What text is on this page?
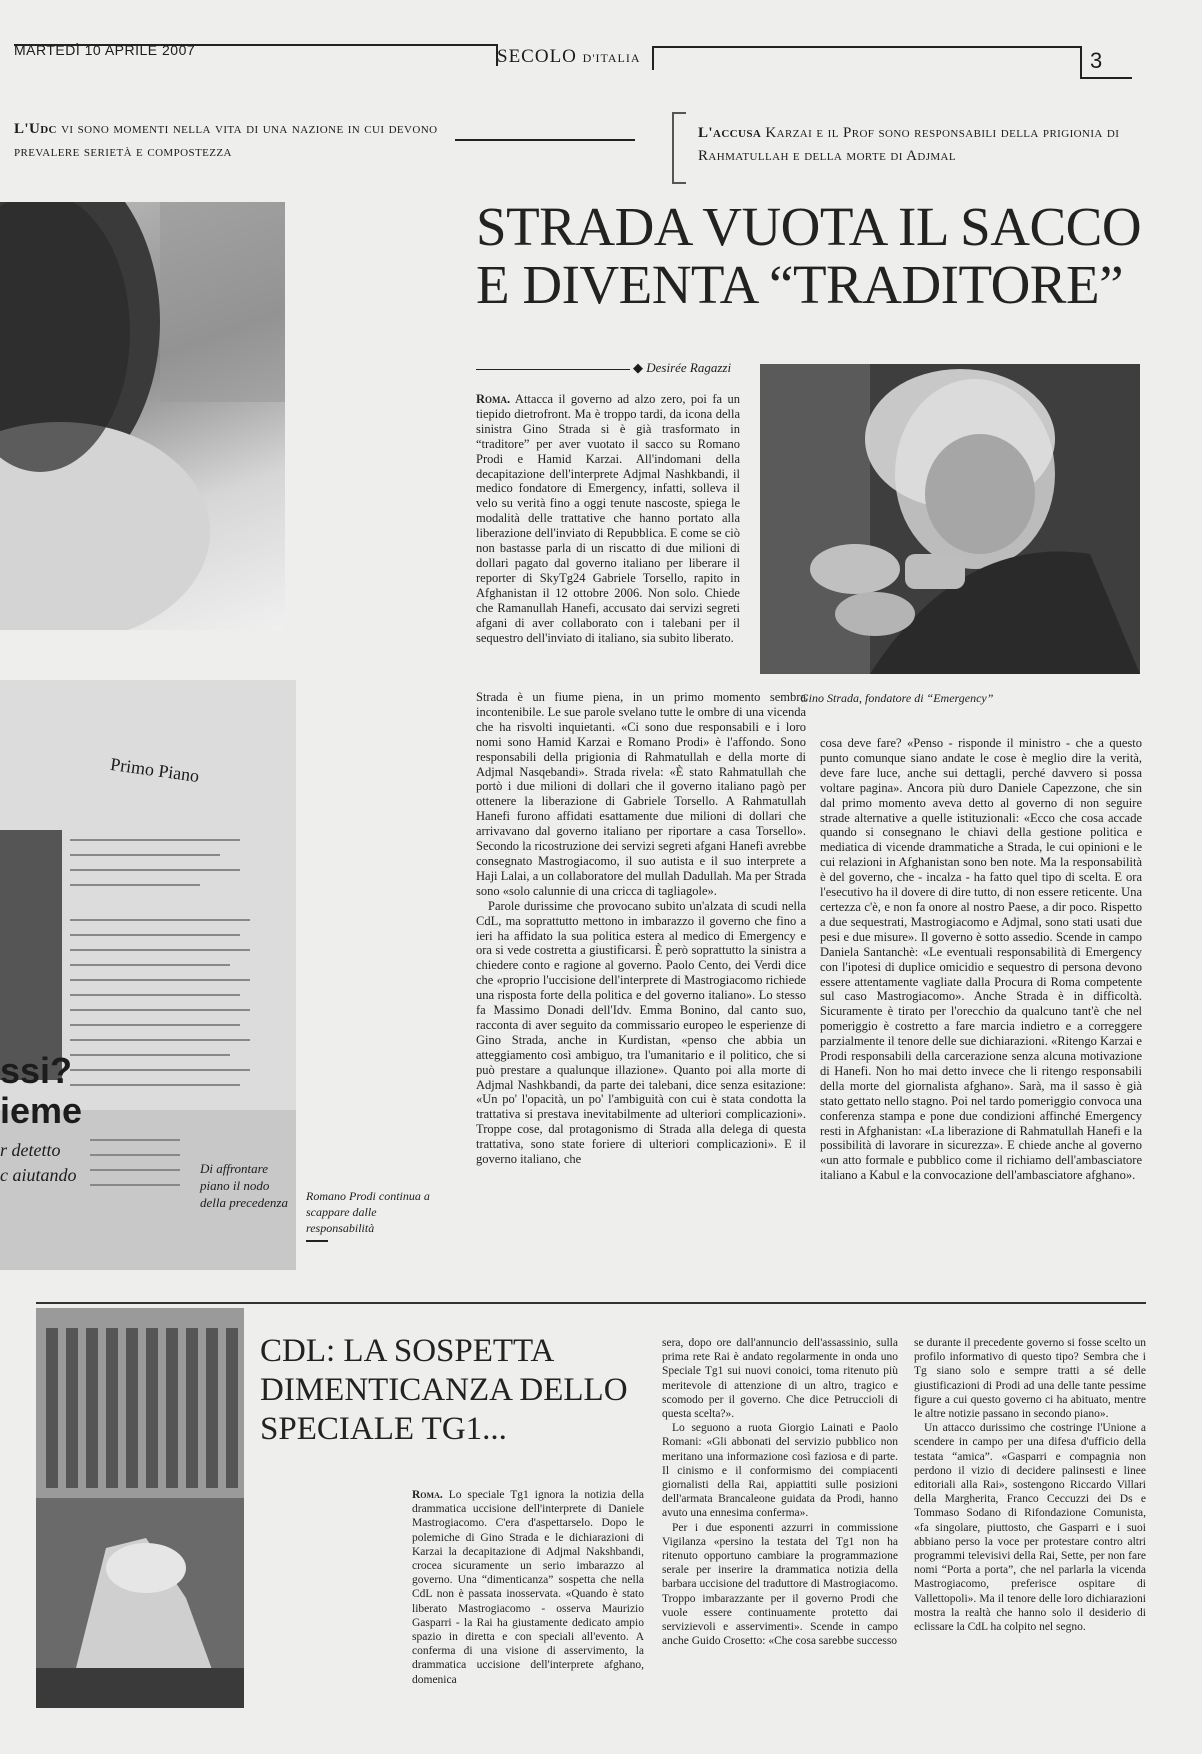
MARTEDÌ 10 APRILE 2007	SECOLO D'ITALIA	3
L'Udc vi sono momenti nella vita di una nazione in cui devono prevalere serietà e compostezza
L'accusa Karzai e il Prof sono responsabili della prigionia di Rahmatullah e della morte di Adjmal
Primo Piano
ssi?
ieme
r detetto
c aiutando	Di affrontare piano il nodo della precedenza Romano Prodi continua a scappare dalle responsabilità
STRADA VUOTA IL SACCO E DIVENTA “TRADITORE”
◆ Desirée Ragazzi
Gino Strada, fondatore di “Emergency”

Roma. Attacca il governo ad alzo zero, poi fa un tiepido dietrofront. Ma è troppo tardi, da icona della sinistra Gino Strada si è già trasformato in “traditore” per aver vuotato il sacco su Romano Prodi e Hamid Karzai. All'indomani della decapitazione dell'interprete Adjmal Nashkbandi, il medico fondatore di Emergency, infatti, solleva il velo su verità fino a oggi tenute nascoste, spiega le modalità delle trattative che hanno portato alla liberazione dell'inviato di Repubblica. E come se ciò non bastasse parla di un riscatto di due milioni di dollari pagato dal governo italiano per liberare il reporter di SkyTg24 Gabriele Torsello, rapito in Afghanistan il 12 ottobre 2006. Non solo. Chiede che Ramanullah Hanefi, accusato dai servizi segreti afgani di aver collaborato con i talebani per il sequestro dell'inviato di italiano, sia subito liberato.

Strada è un fiume piena, in un primo momento sembra incontenibile. Le sue parole svelano tutte le ombre di una vicenda che ha risvolti inquietanti. «Ci sono due responsabili e i loro nomi sono Hamid Karzai e Romano Prodi» è l'affondo. Sono responsabili della prigionia di Rahmatullah e della morte di Adjmal Nasqebandi». Strada rivela: «È stato Rahmatullah che portò i due milioni di dollari che il governo italiano pagò per ottenere la liberazione di Gabriele Torsello. A Rahmatullah Hanefi furono affidati esattamente due milioni di dollari che arrivavano dal governo italiano per riportare a casa Torsello». Secondo la ricostruzione dei servizi segreti afgani Hanefi avrebbe consegnato Mastrogiacomo, il suo autista e il suo interprete a Haji Lalai, a un collaboratore del mullah Dadullah. Ma per Strada sono «solo calunnie di una cricca di tagliagole».

Parole durissime che provocano subito un'alzata di scudi nella CdL, ma soprattutto mettono in imbarazzo il governo che fino a ieri ha affidato la sua politica estera al medico di Emergency e ora si vede costretta a giustificarsi. È però soprattutto la sinistra a chiedere conto e ragione al governo. Paolo Cento, dei Verdi dice che «proprio l'uccisione dell'interprete di Mastrogiacomo richiede una risposta forte della politica e del governo italiano». Lo stesso fa Massimo Donadi dell'Idv. Emma Bonino, dal canto suo, racconta di aver seguito da commissario europeo le esperienze di Gino Strada, anche in Kurdistan, «penso che abbia un atteggiamento così ambiguo, tra l'umanitario e il politico, che si può prestare a qualunque illazione». Quanto poi alla morte di Adjmal Nashkbandi, da parte dei talebani, dice senza esitazione: «Un po' l'opacità, un po' l'ambiguità con cui è stata condotta la trattativa si prestava inevitabilmente ad ulteriori complicazioni». Troppe cose, dal protagonismo di Strada alla delega di questa trattativa, sono state foriere di ulteriori complicazioni». E il governo italiano, che

cosa deve fare? «Penso - risponde il ministro - che a questo punto comunque siano andate le cose è meglio dire la verità, deve fare luce, anche sui dettagli, perché davvero si possa voltare pagina». Ancora più duro Daniele Capezzone, che sin dal primo momento aveva detto al governo di non seguire strade alternative a quelle istituzionali: «Ecco che cosa accade quando si consegnano le chiavi della gestione politica e mediatica di vicende drammatiche a Strada, le cui opinioni e le cui relazioni in Afghanistan sono ben note. Ma la responsabilità è del governo, che - incalza - ha fatto quel tipo di scelta. E ora l'esecutivo ha il dovere di dire tutto, di non essere reticente. Una certezza c'è, e non fa onore al nostro Paese, a dir poco. Rispetto a due sequestrati, Mastrogiacomo e Adjmal, sono stati usati due pesi e due misure». Il governo è sotto assedio. Scende in campo Daniela Santanchè: «Le eventuali responsabilità di Emergency con l'ipotesi di duplice omicidio e sequestro di persona devono essere attentamente vagliate dalla Procura di Roma competente sul caso Mastrogiacomo». Anche Strada è in difficoltà. Sicuramente è tirato per l'orecchio da qualcuno tant'è che nel pomeriggio è costretto a fare marcia indietro e a correggere parzialmente il tenore delle sue dichiarazioni. «Ritengo Karzai e Prodi responsabili della carcerazione senza alcuna motivazione di Hanefi. Non ho mai detto invece che li ritengo responsabili della morte del giornalista afghano». Sarà, ma il sasso è già stato gettato nello stagno. Poi nel tardo pomeriggio convoca una conferenza stampa e pone due condizioni affinché Emergency resti in Afghanistan: «La liberazione di Rahmatullah Hanefi e la possibilità di lavorare in sicurezza». E chiede anche al governo «un atto formale e pubblico come il richiamo dell'ambasciatore italiano a Kabul e la convocazione dell'ambasciatore afghano».

CDL: LA SOSPETTA DIMENTICANZA DELLO SPECIALE TG1...

Roma. Lo speciale Tg1 ignora la notizia della drammatica uccisione dell'interprete di Daniele Mastrogiacomo. C'era d'aspettarselo. Dopo le polemiche di Gino Strada e le dichiarazioni di Karzai la decapitazione di Adjmal Nakshbandi, crocea sicuramente un serio imbarazzo al governo. Una “dimenticanza” sospetta che nella CdL non è passata inosservata. «Quando è stato liberato Mastrogiacomo - osserva Maurizio Gasparri - la Rai ha giustamente dedicato ampio spazio in diretta e con speciali all'evento. A conferma di una visione di asservimento, la drammatica uccisione dell'interprete afghano, domenica

sera, dopo ore dall'annuncio dell'assassinio, sulla prima rete Rai è andato regolarmente in onda uno Speciale Tg1 sui nuovi conoici, toma ritenuto più meritevole di attenzione di un altro, tragico e scomodo per il governo. Che dice Petruccioli di questa scelta?».

Lo seguono a ruota Giorgio Lainati e Paolo Romani: «Gli abbonati del servizio pubblico non meritano una informazione così faziosa e di parte. Il cinismo e il conformismo dei compiacenti giornalisti della Rai, appiattiti sulle posizioni dell'armata Brancaleone guidata da Prodi, hanno avuto una ennesima conferma».

Per i due esponenti azzurri in commissione Vigilanza «persino la testata del Tg1 non ha ritenuto opportuno cambiare la programmazione serale per inserire la drammatica notizia della barbara uccisione del traduttore di Mastrogiacomo. Troppo imbarazzante per il governo Prodi che vuole essere continuamente protetto dai servizievoli e asservimenti». Scende in campo anche Guido Crosetto: «Che cosa sarebbe successo

se durante il precedente governo si fosse scelto un profilo informativo di questo tipo? Sembra che i Tg siano solo e sempre tratti a sé delle giustificazioni di Prodi ad una delle tante pessime figure a cui questo governo ci ha abituato, mentre le altre notizie passano in secondo piano».

Un attacco durissimo che costringe l'Unione a scendere in campo per una difesa d'ufficio della testata “amica”. «Gasparri e compagnia non perdono il vizio di decidere palinsesti e linee editoriali alla Rai», sostengono Riccardo Villari della Margherita, Franco Ceccuzzi dei Ds e Tommaso Sodano di Rifondazione Comunista, «fa singolare, piuttosto, che Gasparri e i suoi abbiano perso la voce per protestare contro altri programmi televisivi della Rai, Sette, per non fare nomi “Porta a porta”, che nel parlarla la vicenda Mastrogiacomo, preferisce ospitare di Vallettopoli». Ma il tenore delle loro dichiarazioni mostra la realtà che hanno solo il desiderio di eclissare la CdL ha colpito nel segno.
